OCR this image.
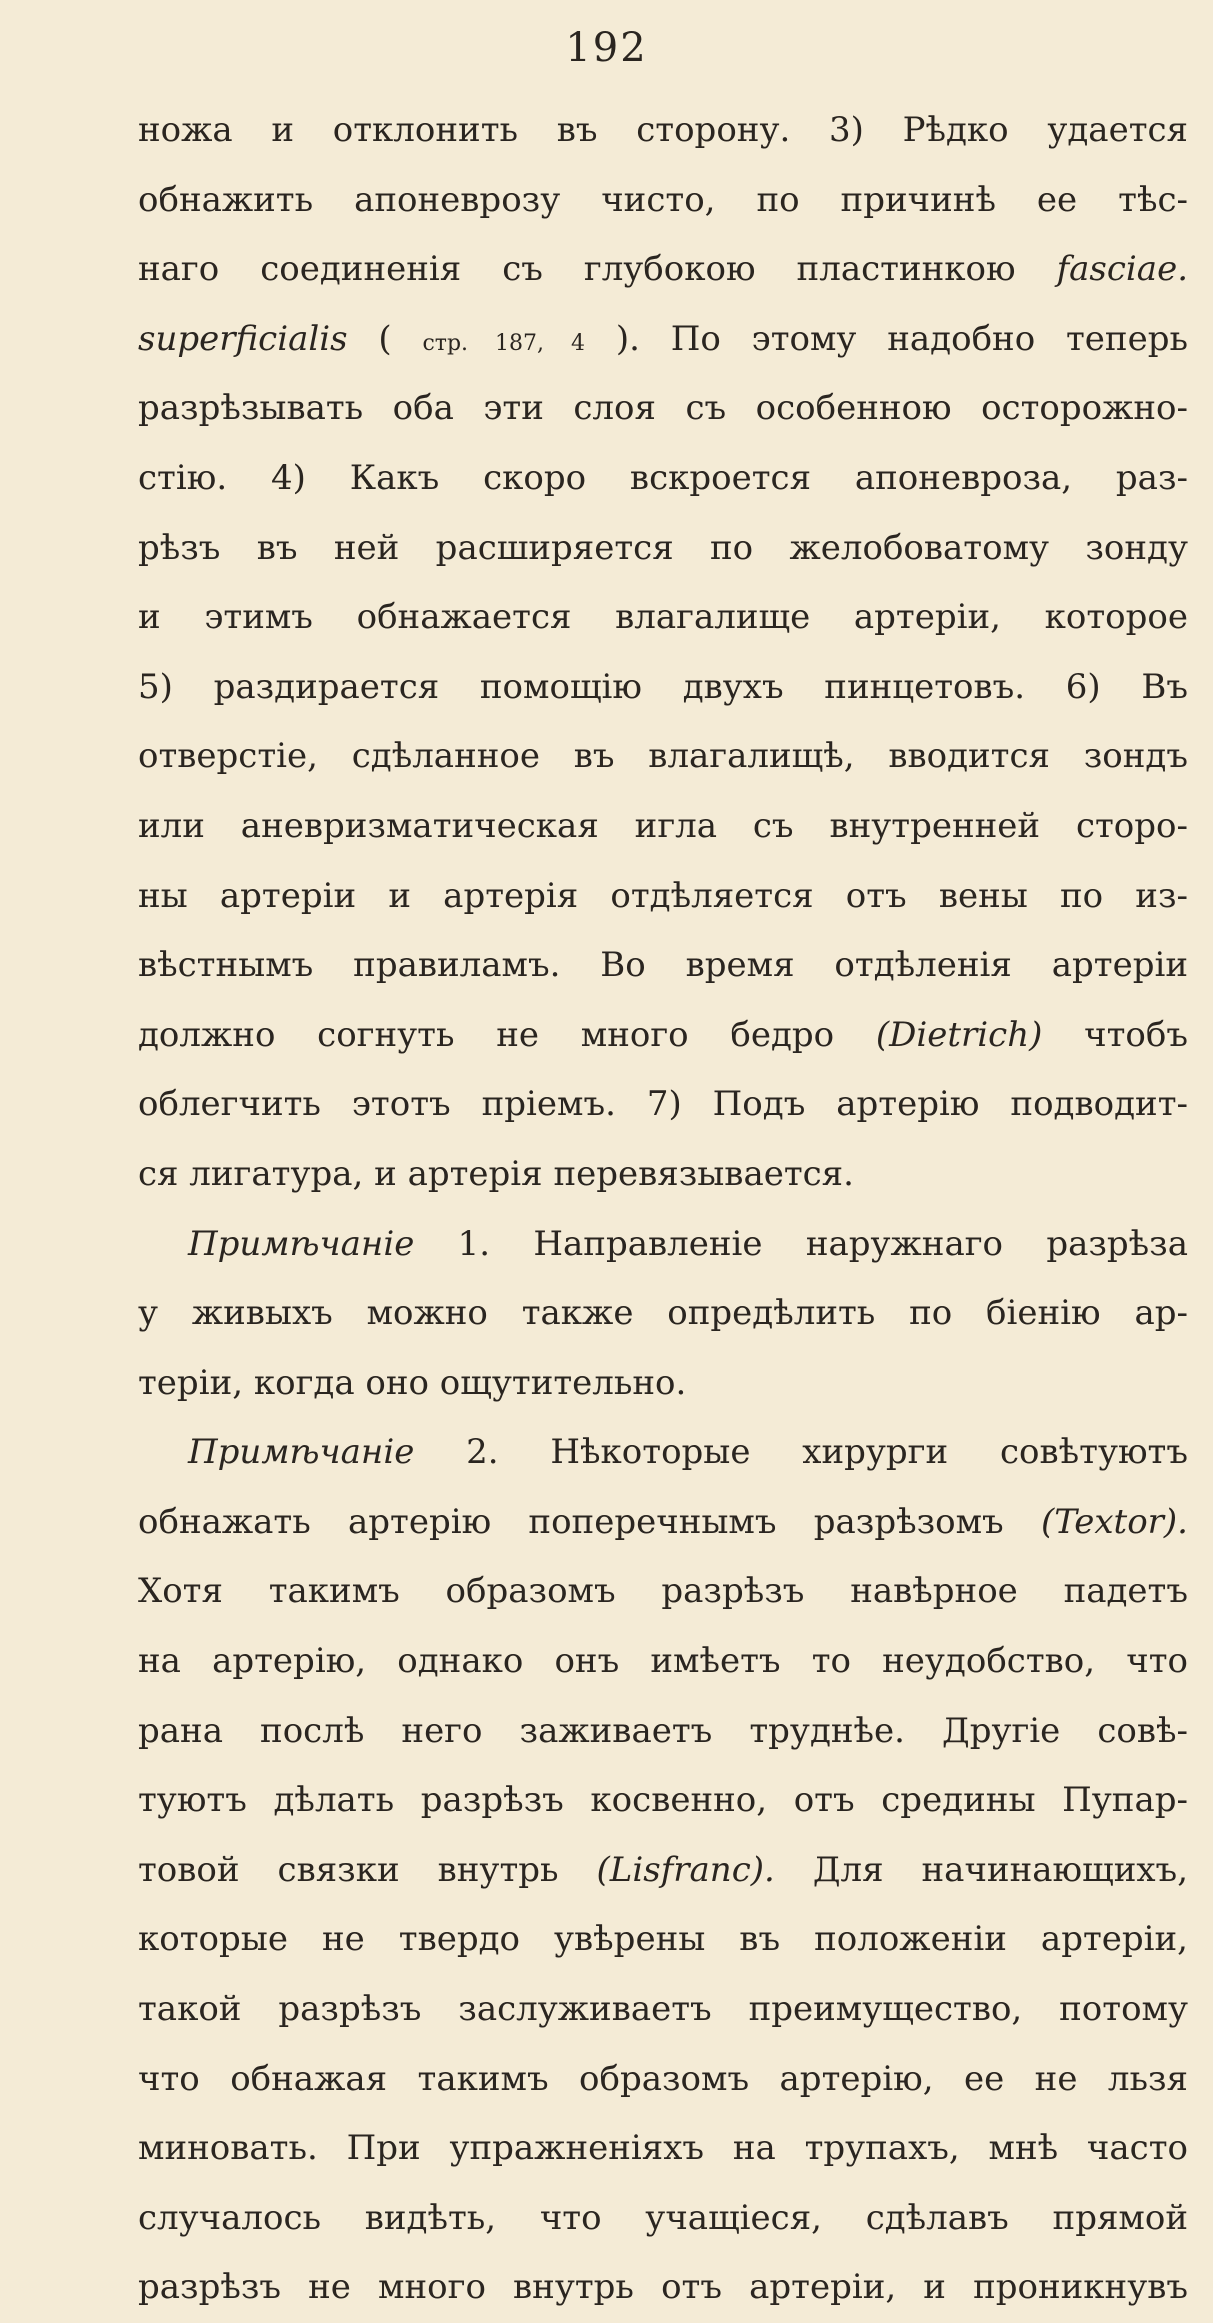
192
ножа и отклонить въ сторону. 3) Рѣдко удается
обнажить апоневрозу чисто, по причинѣ ее тѣс-
наго соединенія съ глубокою пластинкою fasciae.
superficialis ( стр. 187, 4 ). По этому надобно теперь
разрѣзывать оба эти слоя съ особенною осторожно-
стію. 4) Какъ скоро вскроется апоневроза, раз-
рѣзъ въ ней расширяется по желобоватому зонду
и этимъ обнажается влагалище артеріи, которое
5) раздирается помощію двухъ пинцетовъ. 6) Въ
отверстіе, сдѣланное въ влагалищѣ, вводится зондъ
или аневризматическая игла съ внутренней сторо-
ны артеріи и артерія отдѣляется отъ вены по из-
вѣстнымъ правиламъ. Во время отдѣленія артеріи
должно согнуть не много бедро (Dietrich) чтобъ
облегчить этотъ пріемъ. 7) Подъ артерію подводит-
ся лигатура, и артерія перевязывается.
Примѣчаніе 1. Направленіе наружнаго разрѣза
у живыхъ можно также опредѣлить по біенію ар-
теріи, когда оно ощутительно.
Примѣчаніе 2. Нѣкоторые хирурги совѣтуютъ
обнажать артерію поперечнымъ разрѣзомъ (Textor).
Хотя такимъ образомъ разрѣзъ навѣрное падетъ
на артерію, однако онъ имѣетъ то неудобство, что
рана послѣ него заживаетъ труднѣе. Другіе совѣ-
туютъ дѣлать разрѣзъ косвенно, отъ средины Пупар-
товой связки внутрь (Lisfranc). Для начинающихъ,
которые не твердо увѣрены въ положеніи артеріи,
такой разрѣзъ заслуживаетъ преимущество, потому
что обнажая такимъ образомъ артерію, ее не льзя
миновать. При упражненіяхъ на трупахъ, мнѣ часто
случалось видѣть, что учащіеся, сдѣлавъ прямой
разрѣзъ не много внутрь отъ артеріи, и проникнувъ
